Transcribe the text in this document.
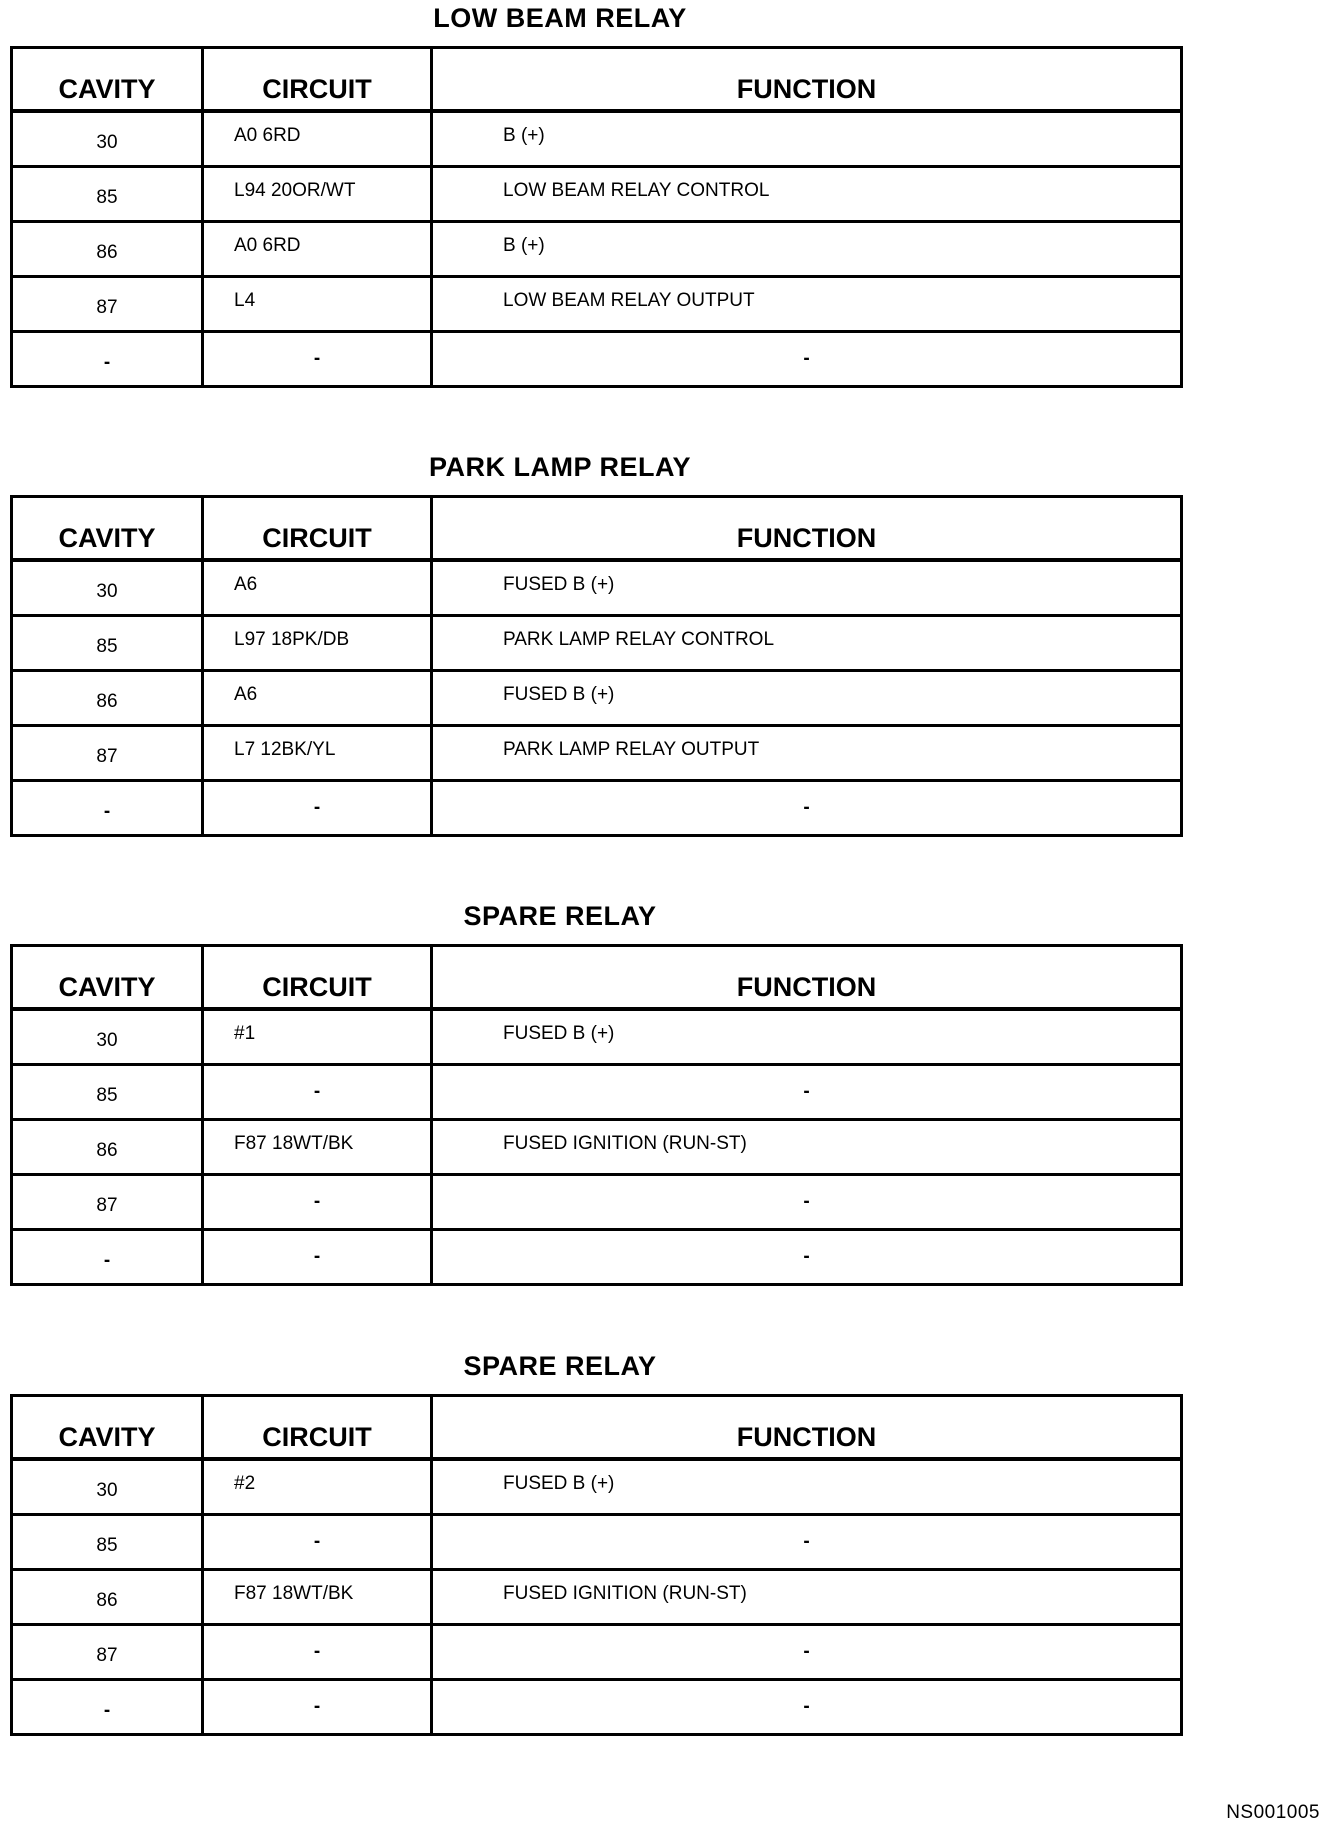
LOW BEAM RELAY
CAVITY	CIRCUIT	FUNCTION
30	A0 6RD	B (+)
85	L94 20OR/WT	LOW BEAM RELAY CONTROL
86	A0 6RD	B (+)
87	L4	LOW BEAM RELAY OUTPUT
-	-	-
PARK LAMP RELAY
CAVITY	CIRCUIT	FUNCTION
30	A6	FUSED B (+)
85	L97 18PK/DB	PARK LAMP RELAY CONTROL
86	A6	FUSED B (+)
87	L7 12BK/YL	PARK LAMP RELAY OUTPUT
-	-	-
SPARE RELAY
CAVITY	CIRCUIT	FUNCTION
30	#1	FUSED B (+)
85	-	-
86	F87 18WT/BK	FUSED IGNITION (RUN-ST)
87	-	-
-	-	-
SPARE RELAY
CAVITY	CIRCUIT	FUNCTION
30	#2	FUSED B (+)
85	-	-
86	F87 18WT/BK	FUSED IGNITION (RUN-ST)
87	-	-
-	-	-
NS001005
